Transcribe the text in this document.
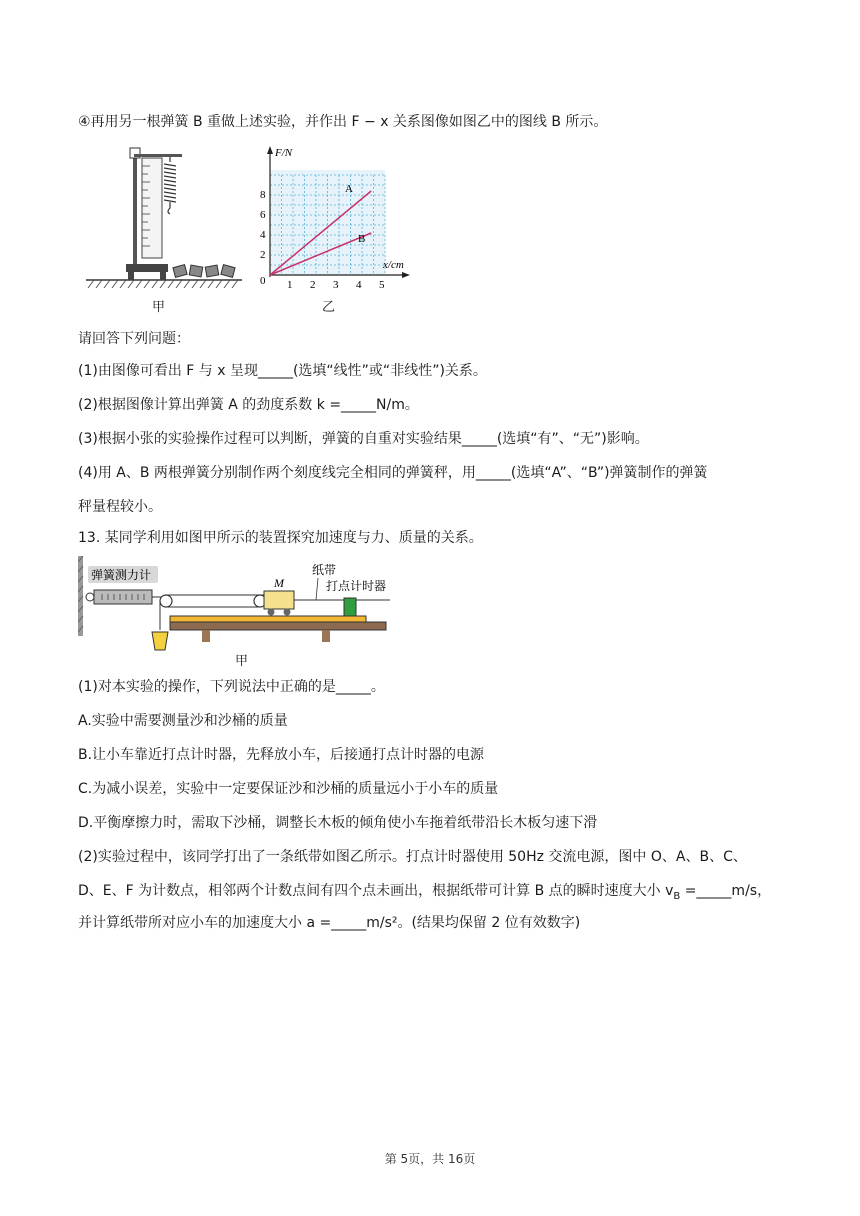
④再用另一根弹簧 B 重做上述实验，并作出 F − x 关系图像如图乙中的图线 B 所示。
甲
F/N
x/cm
0
2
4
6
8
1 2 3 4 5
A
B
乙
请回答下列问题：
(1)由图像可看出 F 与 x 呈现_____(选填“线性”或“非线性”)关系。
(2)根据图像计算出弹簧 A 的劲度系数 k =_____N/m。
(3)根据小张的实验操作过程可以判断，弹簧的自重对实验结果_____(选填“有”、“无”)影响。
(4)用 A、B 两根弹簧分别制作两个刻度线完全相同的弹簧秤，用_____(选填“A”、“B”)弹簧制作的弹簧
秤量程较小。
13. 某同学利用如图甲所示的装置探究加速度与力、质量的关系。
弹簧测力计
M
纸带
打点计时器
甲
(1)对本实验的操作，下列说法中正确的是_____。
A.实验中需要测量沙和沙桶的质量
B.让小车靠近打点计时器，先释放小车，后接通打点计时器的电源
C.为减小误差，实验中一定要保证沙和沙桶的质量远小于小车的质量
D.平衡摩擦力时，需取下沙桶，调整长木板的倾角使小车拖着纸带沿长木板匀速下滑
(2)实验过程中，该同学打出了一条纸带如图乙所示。打点计时器使用 50Hz 交流电源，图中 O、A、B、C、
D、E、F 为计数点，相邻两个计数点间有四个点未画出，根据纸带可计算 B 点的瞬时速度大小 $v_B$ =_____m/s，
并计算纸带所对应小车的加速度大小 a =_____m/s²。(结果均保留 2 位有效数字)
第 5页，共 16页
